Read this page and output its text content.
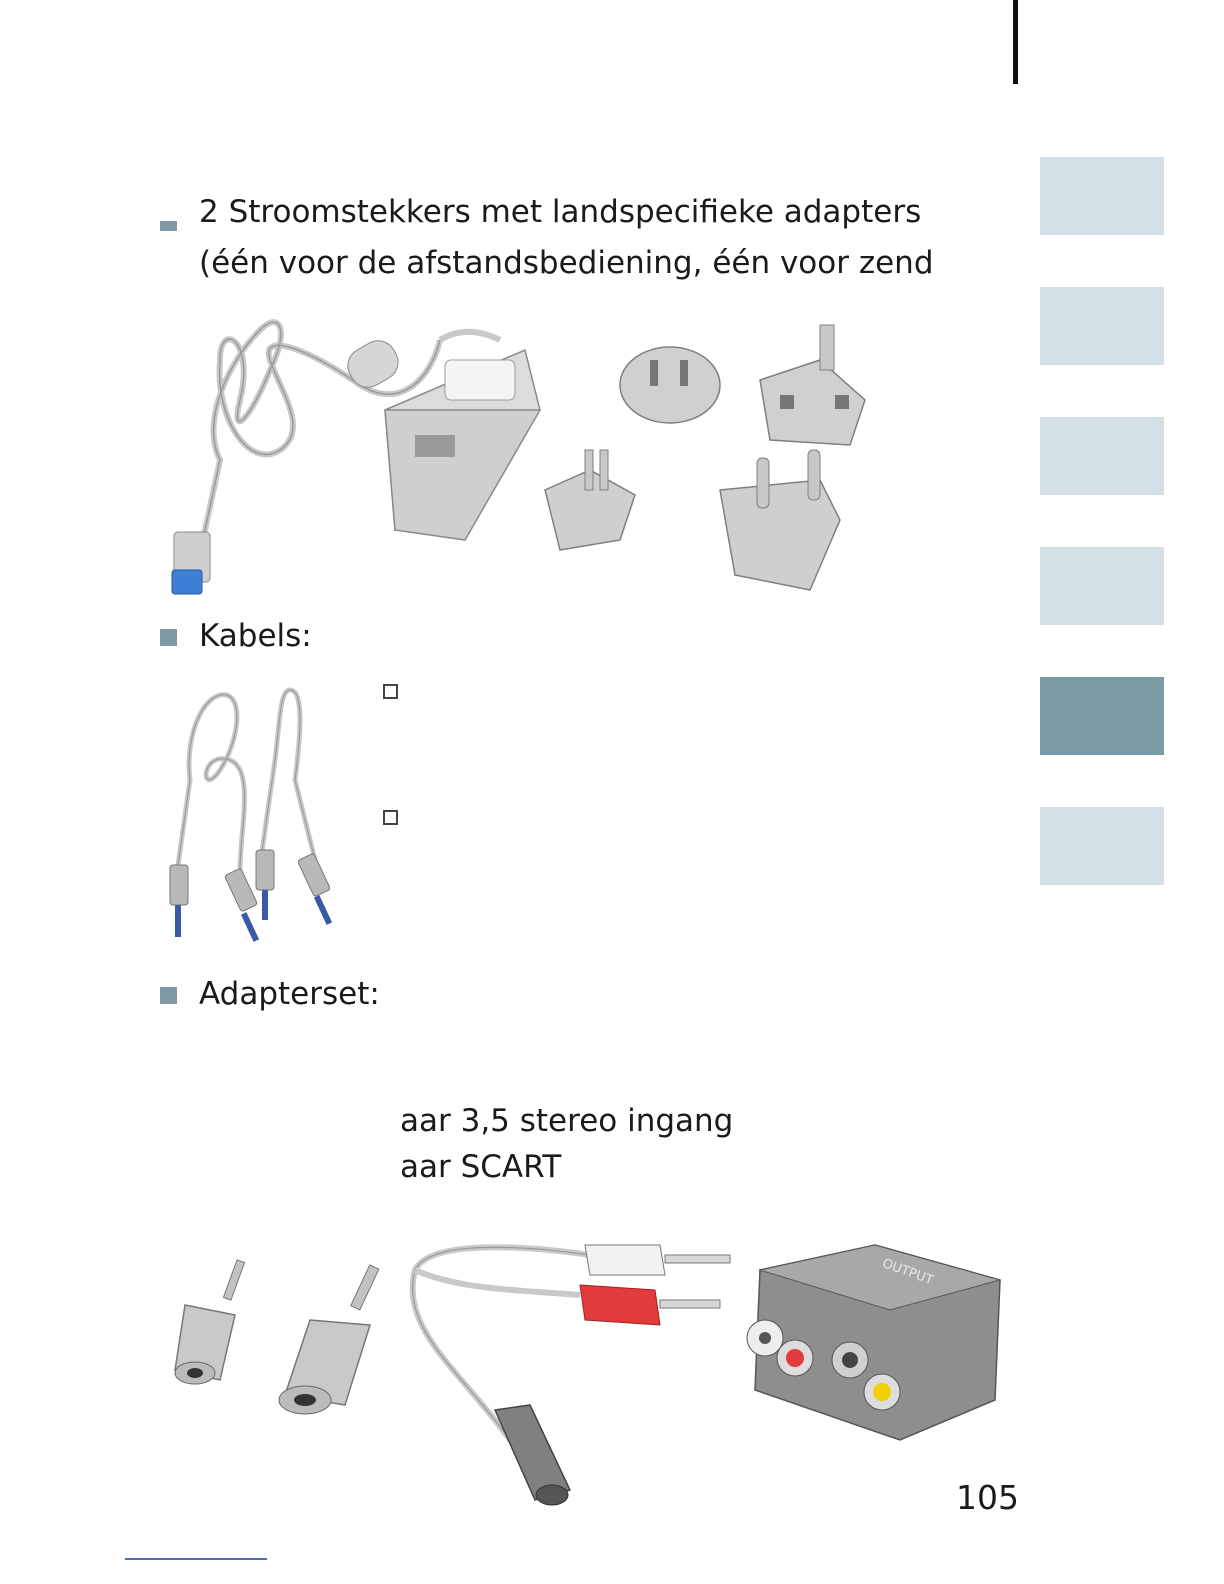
2 Stroomstekkers met landspecifieke adapters
(één voor de afstandsbediening, één voor zend
Kabels:
Adapterset:
aar 3,5 stereo ingang
aar SCART
OUTPUT
105
